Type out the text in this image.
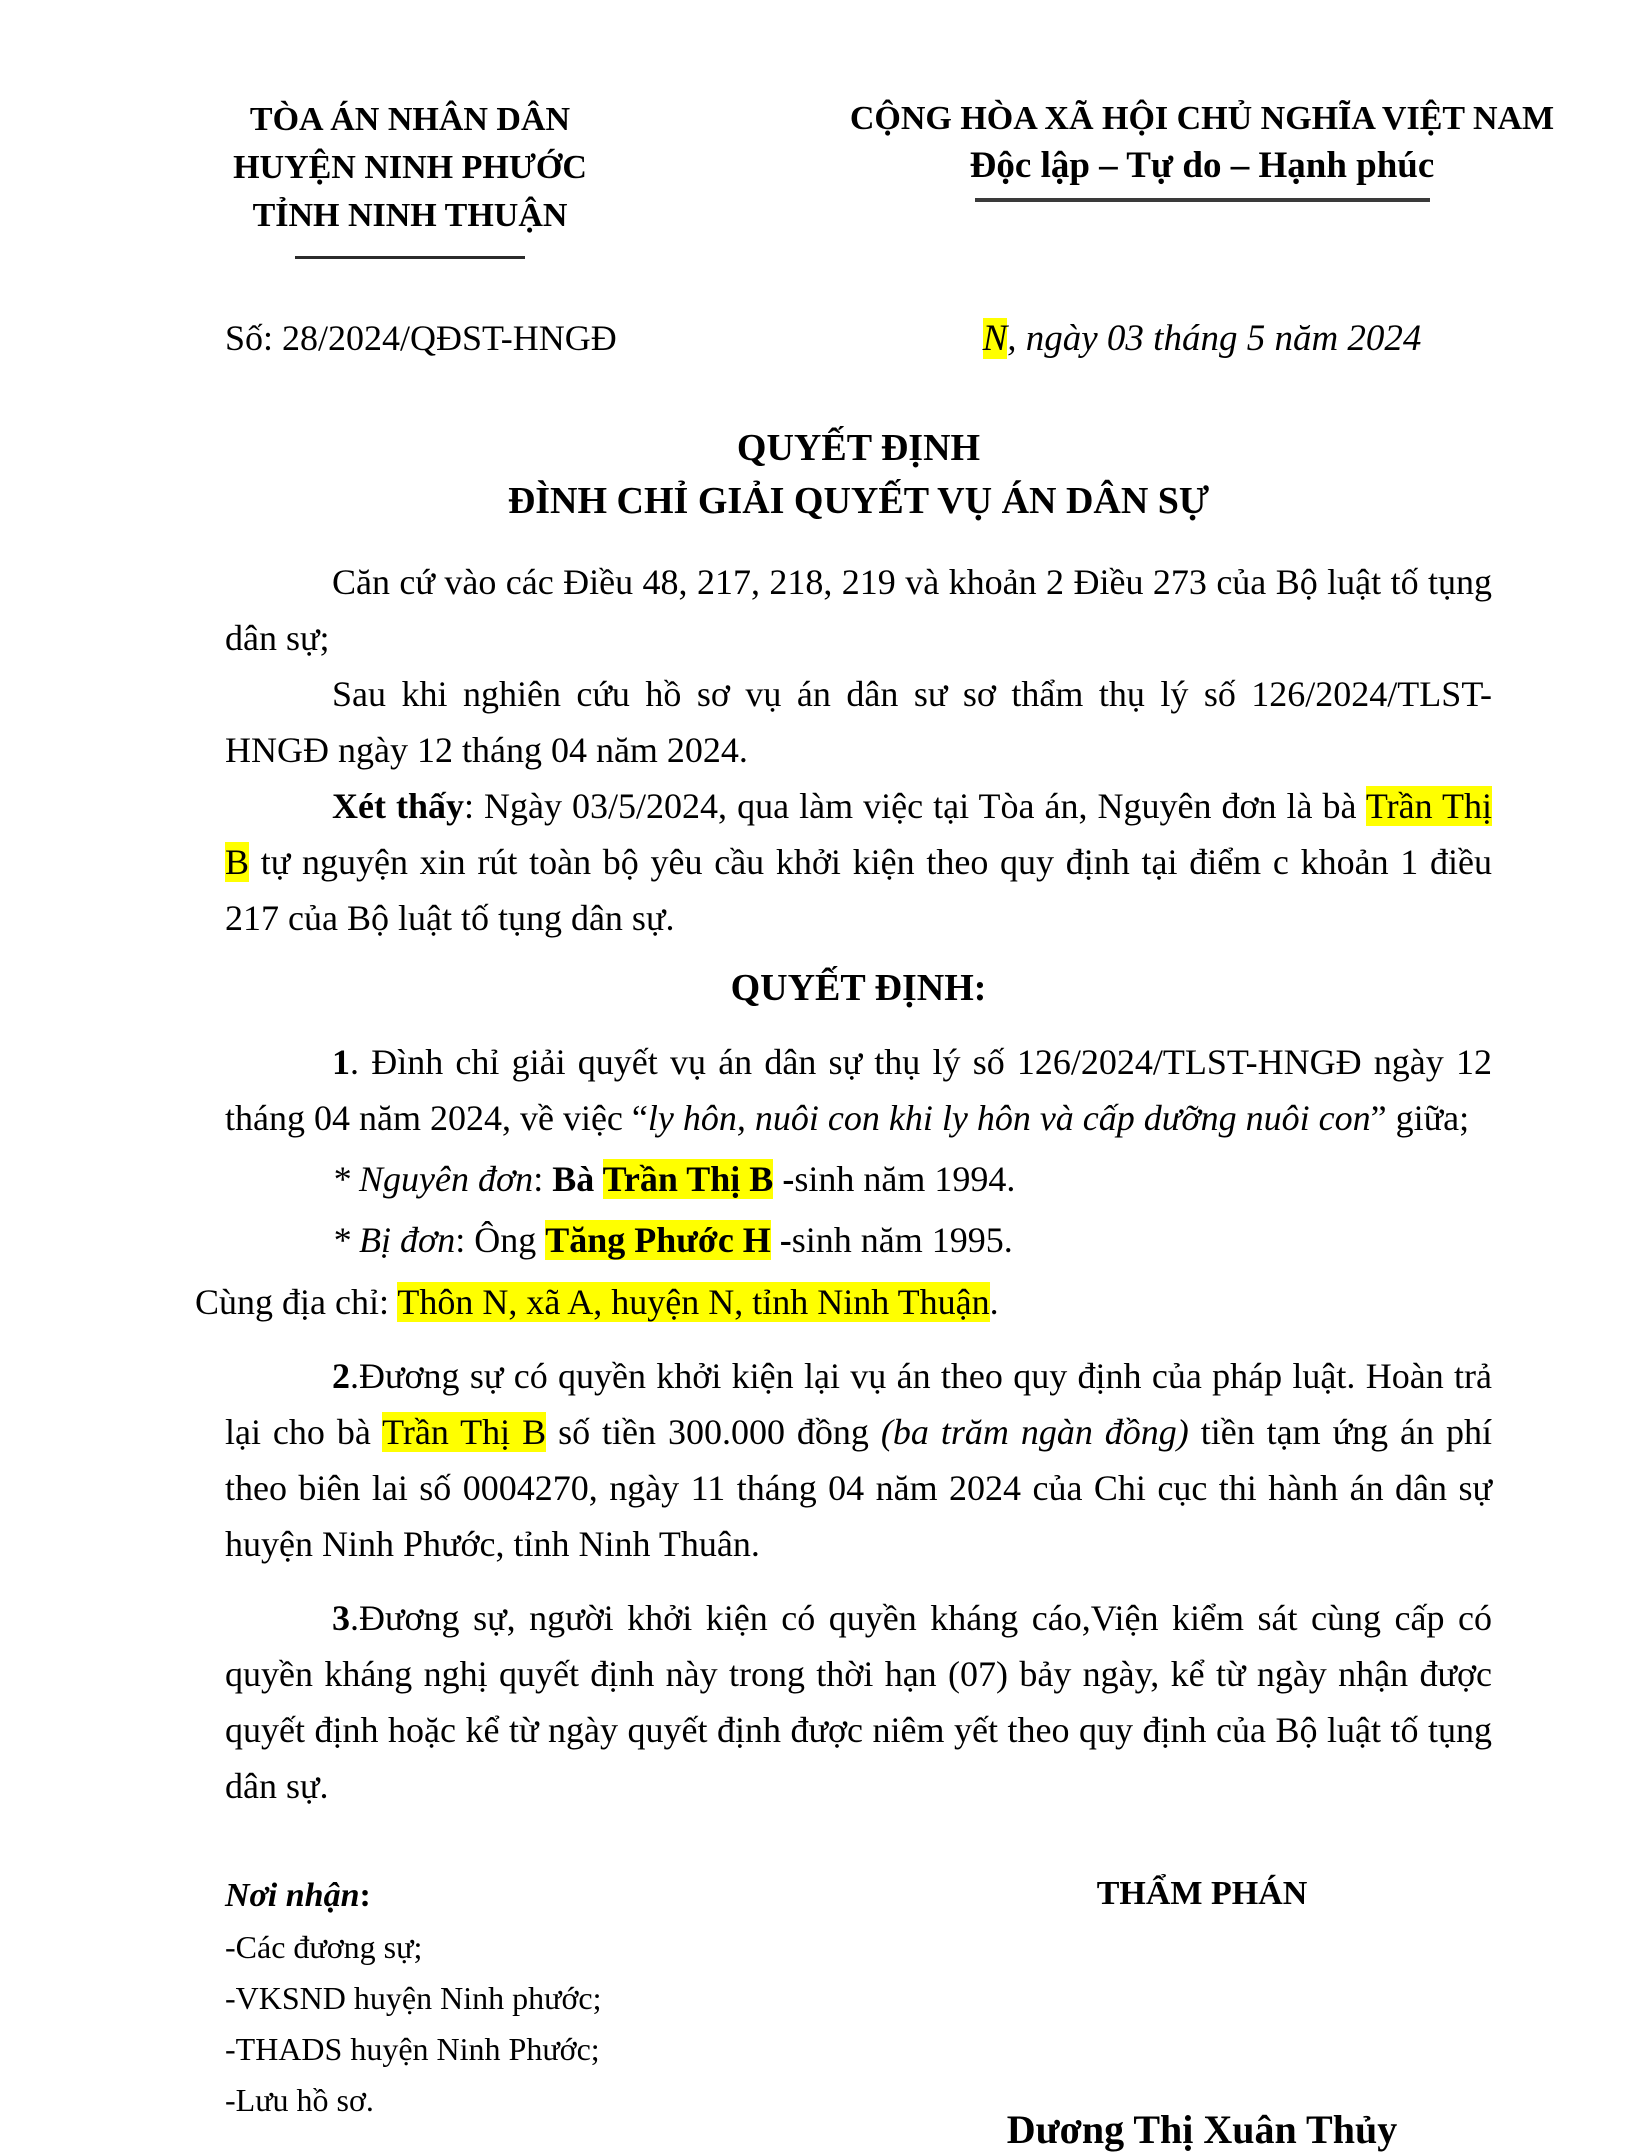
TÒA ÁN NHÂN DÂN
HUYỆN NINH PHƯỚC
TỈNH NINH THUẬN
CỘNG HÒA XÃ HỘI CHỦ NGHĨA VIỆT NAM
Độc lập – Tự do – Hạnh phúc
Số: 28/2024/QĐST-HNGĐ	N, ngày 03 tháng 5 năm 2024
QUYẾT ĐỊNH
ĐÌNH CHỈ GIẢI QUYẾT VỤ ÁN DÂN SỰ

Căn cứ vào các Điều 48, 217, 218, 219 và khoản 2 Điều 273 của Bộ luật tố tụng dân sự;

Sau khi nghiên cứu hồ sơ vụ án dân sư sơ thẩm thụ lý số 126/2024/TLST-HNGĐ ngày 12 tháng 04 năm 2024.

Xét thấy: Ngày 03/5/2024, qua làm việc tại Tòa án, Nguyên đơn là bà Trần Thị B tự nguyện xin rút toàn bộ yêu cầu khởi kiện theo quy định tại điểm c khoản 1 điều 217 của Bộ luật tố tụng dân sự.

QUYẾT ĐỊNH:

1. Đình chỉ giải quyết vụ án dân sự thụ lý số 126/2024/TLST-HNGĐ ngày 12 tháng 04 năm 2024, về việc “ly hôn, nuôi con khi ly hôn và cấp dưỡng nuôi con” giữa;

* Nguyên đơn: Bà Trần Thị B -sinh năm 1994.
* Bị đơn: Ông Tăng Phước H -sinh năm 1995.
Cùng địa chỉ: Thôn N, xã A, huyện N, tỉnh Ninh Thuận.

2.Đương sự có quyền khởi kiện lại vụ án theo quy định của pháp luật. Hoàn trả lại cho bà Trần Thị B số tiền 300.000 đồng (ba trăm ngàn đồng) tiền tạm ứng án phí theo biên lai số 0004270, ngày 11 tháng 04 năm 2024 của Chi cục thi hành án dân sự huyện Ninh Phước, tỉnh Ninh Thuân.

3.Đương sự, người khởi kiện có quyền kháng cáo,Viện kiểm sát cùng cấp có quyền kháng nghị quyết định này trong thời hạn (07) bảy ngày, kể từ ngày nhận được quyết định hoặc kể từ ngày quyết định được niêm yết theo quy định của Bộ luật tố tụng dân sự.

Nơi nhận:
-Các đương sự;
-VKSND huyện Ninh phước;
-THADS huyện Ninh Phước;
-Lưu hồ sơ.
THẨM PHÁN
Dương Thị Xuân Thủy
